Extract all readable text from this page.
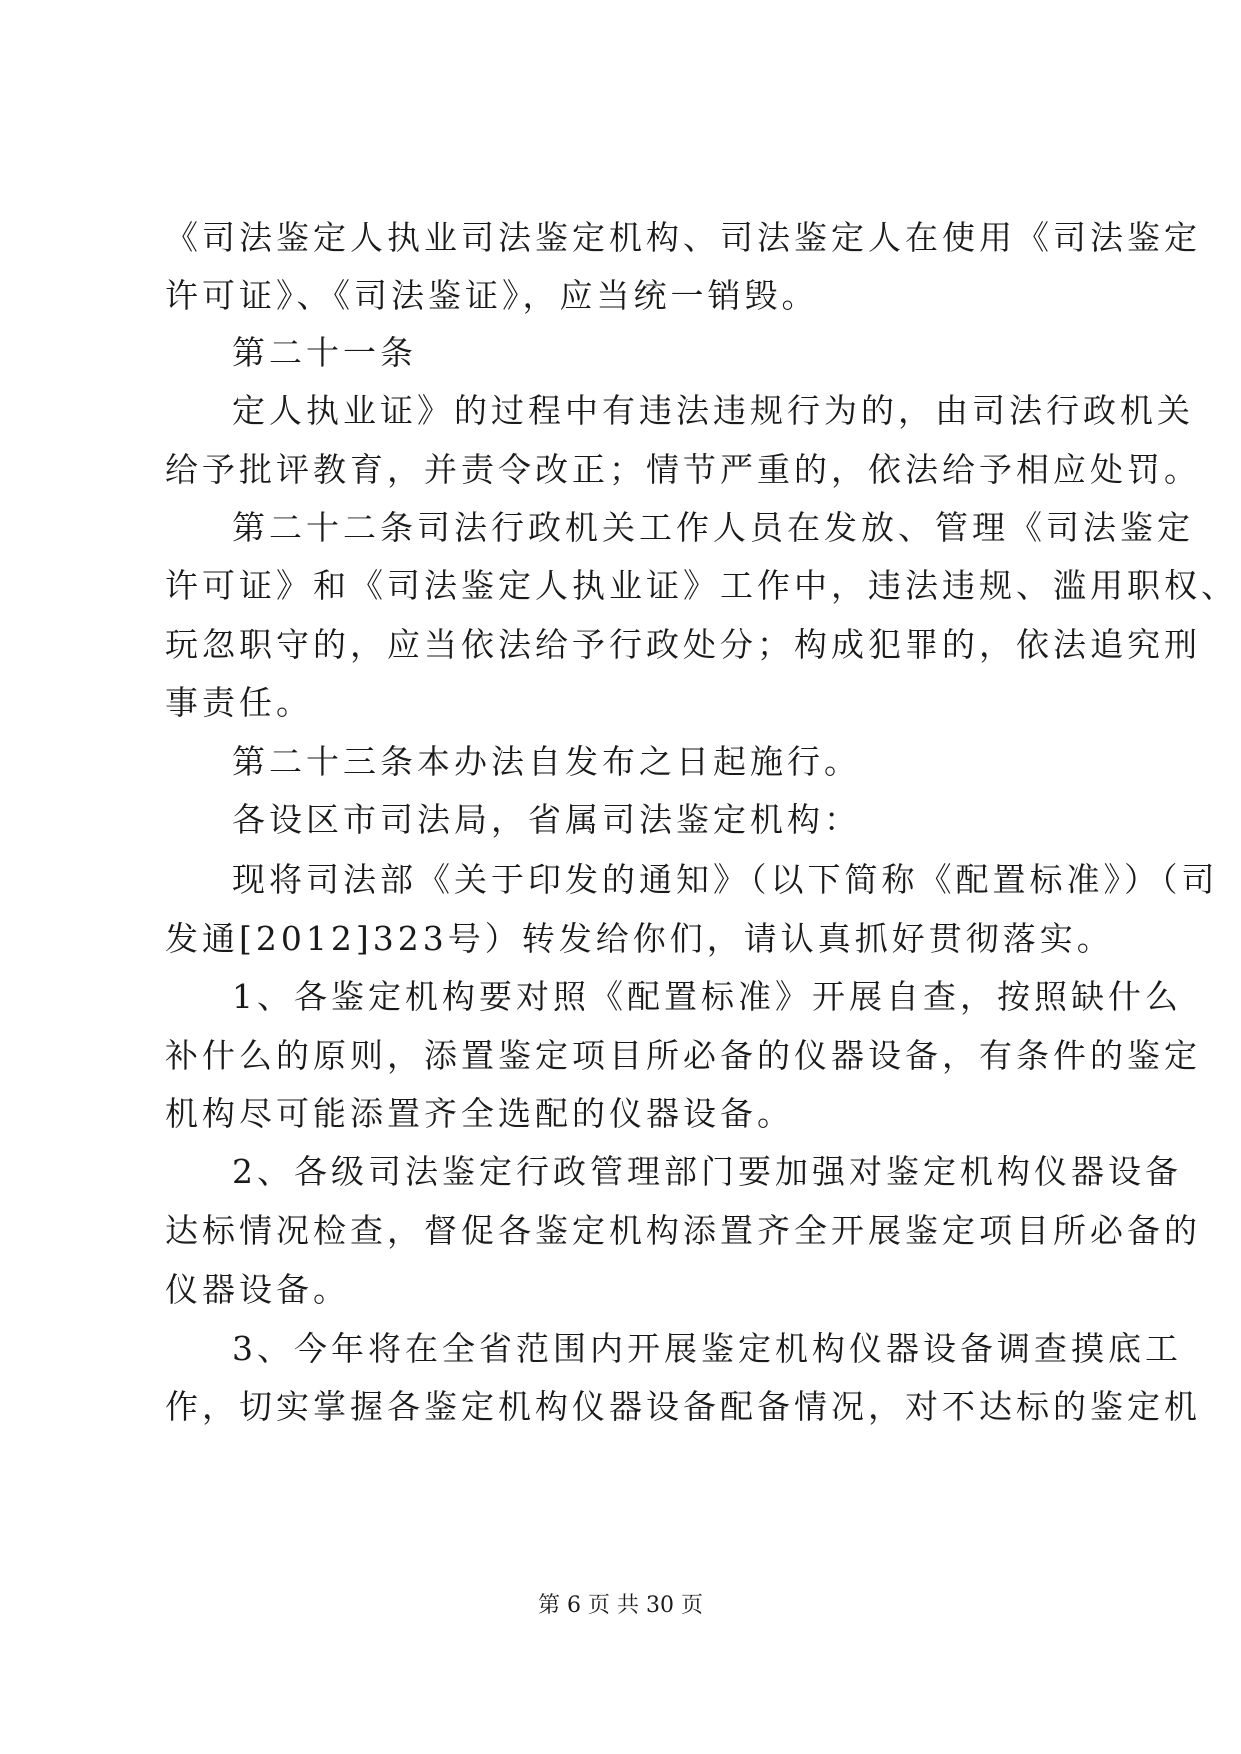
《司法鉴定人执业司法鉴定机构、司法鉴定人在使用《司法鉴定
许可证》、《司法鉴证》，应当统一销毁。
第二十一条
定人执业证》的过程中有违法违规行为的，由司法行政机关
给予批评教育，并责令改正；情节严重的，依法给予相应处罚。
第二十二条司法行政机关工作人员在发放、管理《司法鉴定
许可证》和《司法鉴定人执业证》工作中，违法违规、滥用职权、
玩忽职守的，应当依法给予行政处分；构成犯罪的，依法追究刑
事责任。
第二十三条本办法自发布之日起施行。
各设区市司法局，省属司法鉴定机构：
现将司法部《关于印发的通知》（以下简称《配置标准》）（司
发通[2012]323号）转发给你们，请认真抓好贯彻落实。
1、各鉴定机构要对照《配置标准》开展自查，按照缺什么
补什么的原则，添置鉴定项目所必备的仪器设备，有条件的鉴定
机构尽可能添置齐全选配的仪器设备。
2、各级司法鉴定行政管理部门要加强对鉴定机构仪器设备
达标情况检查，督促各鉴定机构添置齐全开展鉴定项目所必备的
仪器设备。
3、今年将在全省范围内开展鉴定机构仪器设备调查摸底工
作，切实掌握各鉴定机构仪器设备配备情况，对不达标的鉴定机
第 6 页 共 30 页
